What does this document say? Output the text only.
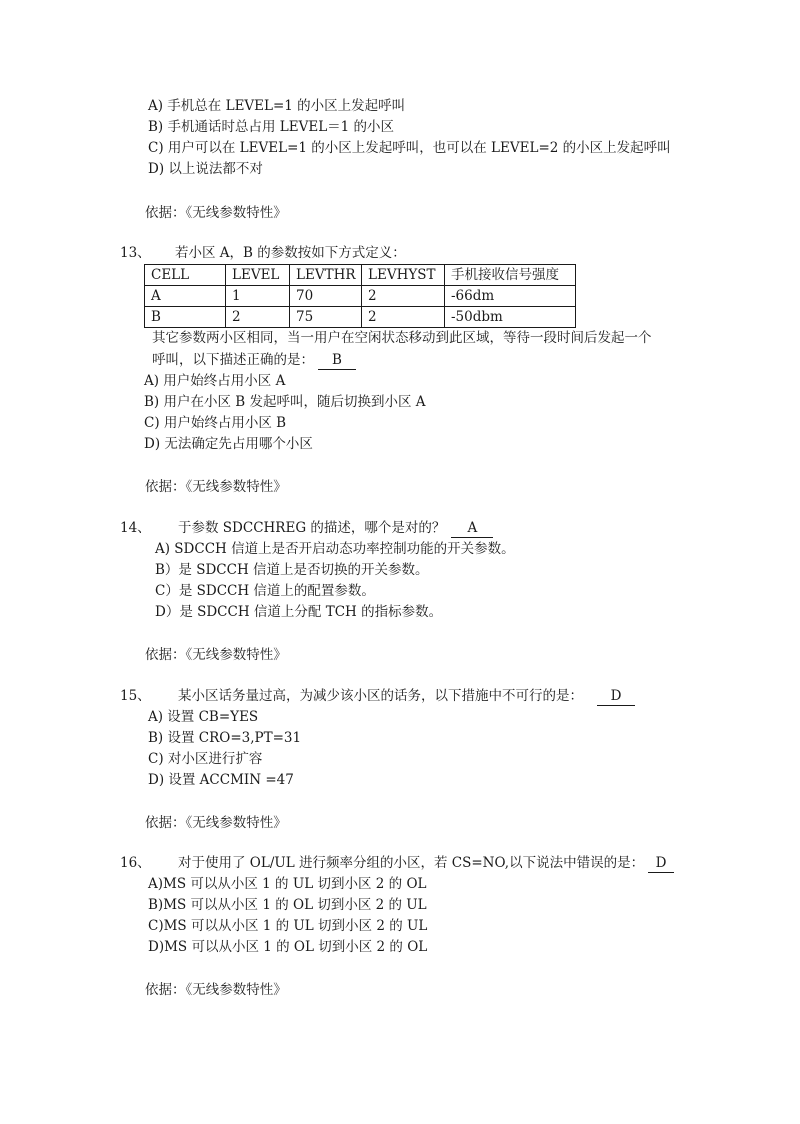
A) 手机总在 LEVEL=1 的小区上发起呼叫
B) 手机通话时总占用 LEVEL＝1 的小区
C) 用户可以在 LEVEL=1 的小区上发起呼叫，也可以在 LEVEL=2 的小区上发起呼叫
D) 以上说法都不对
依据：《无线参数特性》
13、 若小区 A，B 的参数按如下方式定义：
CELL	LEVEL	LEVTHR	LEVHYST	手机接收信号强度
A	1	70	2	-66dm
B	2	75	2	-50dbm
其它参数两小区相同，当一用户在空闲状态移动到此区域，等待一段时间后发起一个
呼叫，以下描述正确的是： B
A) 用户始终占用小区 A
B) 用户在小区 B 发起呼叫，随后切换到小区 A
C) 用户始终占用小区 B
D) 无法确定先占用哪个小区
依据：《无线参数特性》
14、 于参数 SDCCHREG 的描述，哪个是对的？ A
A) SDCCH 信道上是否开启动态功率控制功能的开关参数。
B）是 SDCCH 信道上是否切换的开关参数。
C）是 SDCCH 信道上的配置参数。
D）是 SDCCH 信道上分配 TCH 的指标参数。
依据：《无线参数特性》
15、 某小区话务量过高，为减少该小区的话务，以下措施中不可行的是： D
A) 设置 CB=YES
B) 设置 CRO=3,PT=31
C) 对小区进行扩容
D) 设置 ACCMIN =47
依据：《无线参数特性》
16、 对于使用了 OL/UL 进行频率分组的小区，若 CS=NO,以下说法中错误的是： D
A)MS 可以从小区 1 的 UL 切到小区 2 的 OL
B)MS 可以从小区 1 的 OL 切到小区 2 的 UL
C)MS 可以从小区 1 的 UL 切到小区 2 的 UL
D)MS 可以从小区 1 的 OL 切到小区 2 的 OL
依据：《无线参数特性》
